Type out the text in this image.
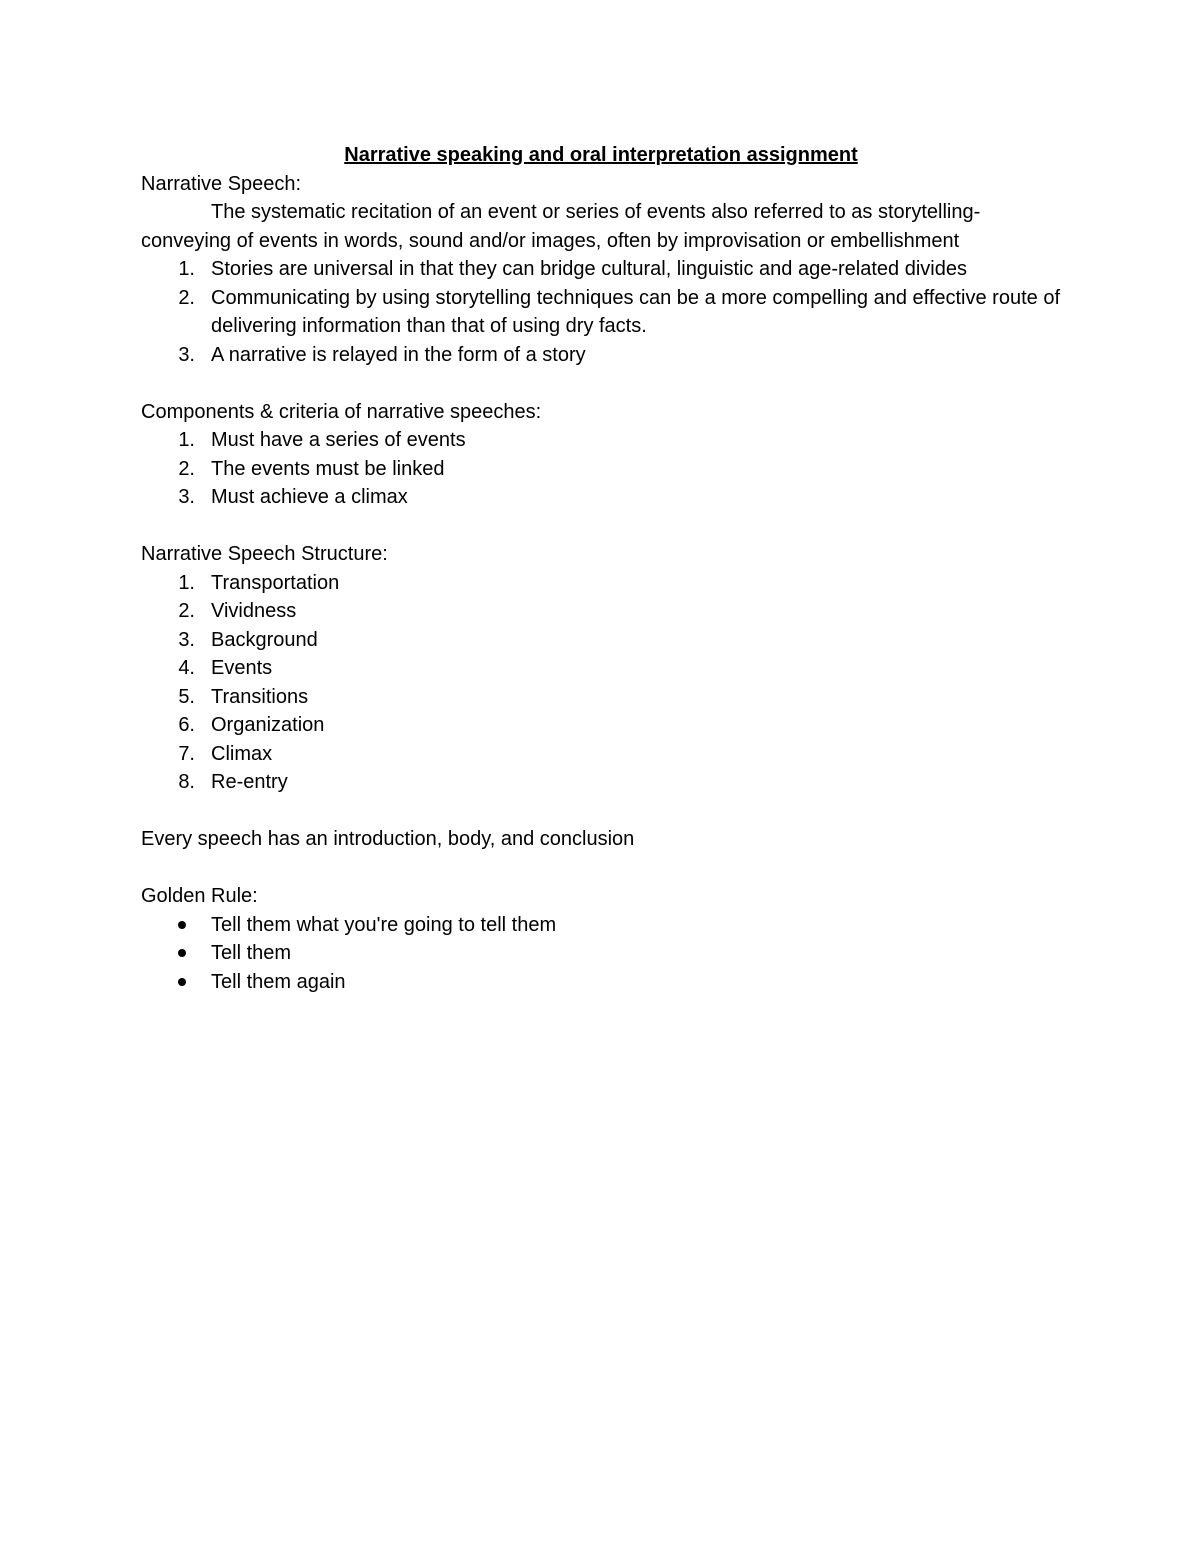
Narrative speaking and oral interpretation assignment

Narrative Speech:

The systematic recitation of an event or series of events also referred to as storytelling- conveying of events in words, sound and/or images, often by improvisation or embellishment

1. Stories are universal in that they can bridge cultural, linguistic and age-related divides
2. Communicating by using storytelling techniques can be a more compelling and effective route of delivering information than that of using dry facts.
3. A narrative is relayed in the form of a story

Components & criteria of narrative speeches:

1. Must have a series of events
2. The events must be linked
3. Must achieve a climax

Narrative Speech Structure:

1. Transportation
2. Vividness
3. Background
4. Events
5. Transitions
6. Organization
7. Climax
8. Re-entry

Every speech has an introduction, body, and conclusion

Golden Rule:

Tell them what you're going to tell them
Tell them
Tell them again
